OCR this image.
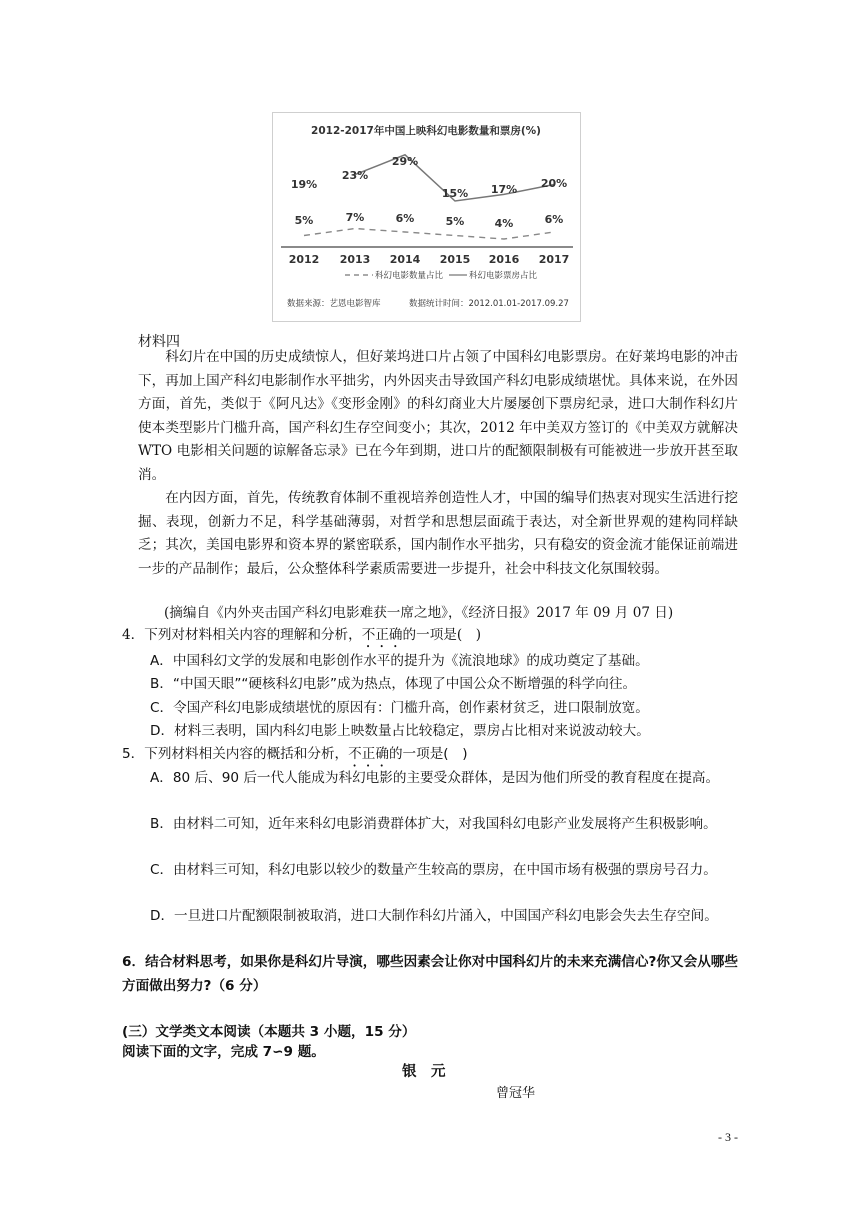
2012-2017年中国上映科幻电影数量和票房(%)
19%
23%
29%
15% 17% 20%
5%	7%	6%	5%	4%	6%
2012 2013 2014 2015 2016 2017
科幻电影数量占比	科幻电影票房占比
数据来源：艺恩电影智库	数据统计时间：2012.01.01-2017.09.27
材料四
科幻片在中国的历史成绩惊人，但好莱坞进口片占领了中国科幻电影票房。在好莱坞电影的冲击下，再加上国产科幻电影制作水平拙劣，内外因夹击导致国产科幻电影成绩堪忧。具体来说，在外因方面，首先，类似于《阿凡达》《变形金刚》的科幻商业大片屡屡创下票房纪录，进口大制作科幻片使本类型影片门槛升高，国产科幻生存空间变小；其次，2012 年中美双方签订的《中美双方就解决 WTO 电影相关问题的谅解备忘录》已在今年到期，进口片的配额限制极有可能被进一步放开甚至取消。
在内因方面，首先，传统教育体制不重视培养创造性人才，中国的编导们热衷对现实生活进行挖掘、表现，创新力不足，科学基础薄弱，对哲学和思想层面疏于表达，对全新世界观的建构同样缺乏；其次，美国电影界和资本界的紧密联系，国内制作水平拙劣，只有稳安的资金流才能保证前端进一步的产品制作；最后，公众整体科学素质需要进一步提升，社会中科技文化氛围较弱。
(摘编自《内外夹击国产科幻电影难获一席之地》，《经济日报》2017 年 09 月 07 日)
4．下列对材料相关内容的理解和分析，不正确的一项是(　)
A．中国科幻文学的发展和电影创作水平的提升为《流浪地球》的成功奠定了基础。
B．“中国天眼”“硬核科幻电影”成为热点，体现了中国公众不断增强的科学向往。
C．令国产科幻电影成绩堪忧的原因有：门槛升高，创作素材贫乏，进口限制放宽。
D．材料三表明，国内科幻电影上映数量占比较稳定，票房占比相对来说波动较大。
5．下列材料相关内容的概括和分析，不正确的一项是(　)
A．80 后、90 后一代人能成为科幻电影的主要受众群体，是因为他们所受的教育程度在提高。
B．由材料二可知，近年来科幻电影消费群体扩大，对我国科幻电影产业发展将产生积极影响。
C．由材料三可知，科幻电影以较少的数量产生较高的票房，在中国市场有极强的票房号召力。
D．一旦进口片配额限制被取消，进口大制作科幻片涌入，中国国产科幻电影会失去生存空间。
6．结合材料思考，如果你是科幻片导演，哪些因素会让你对中国科幻片的未来充满信心?你又会从哪些方面做出努力?（6 分）
(三）文学类文本阅读（本题共 3 小题，15 分）
阅读下面的文字，完成 7∽9 题。
银　元
曾冠华
- 3 -
